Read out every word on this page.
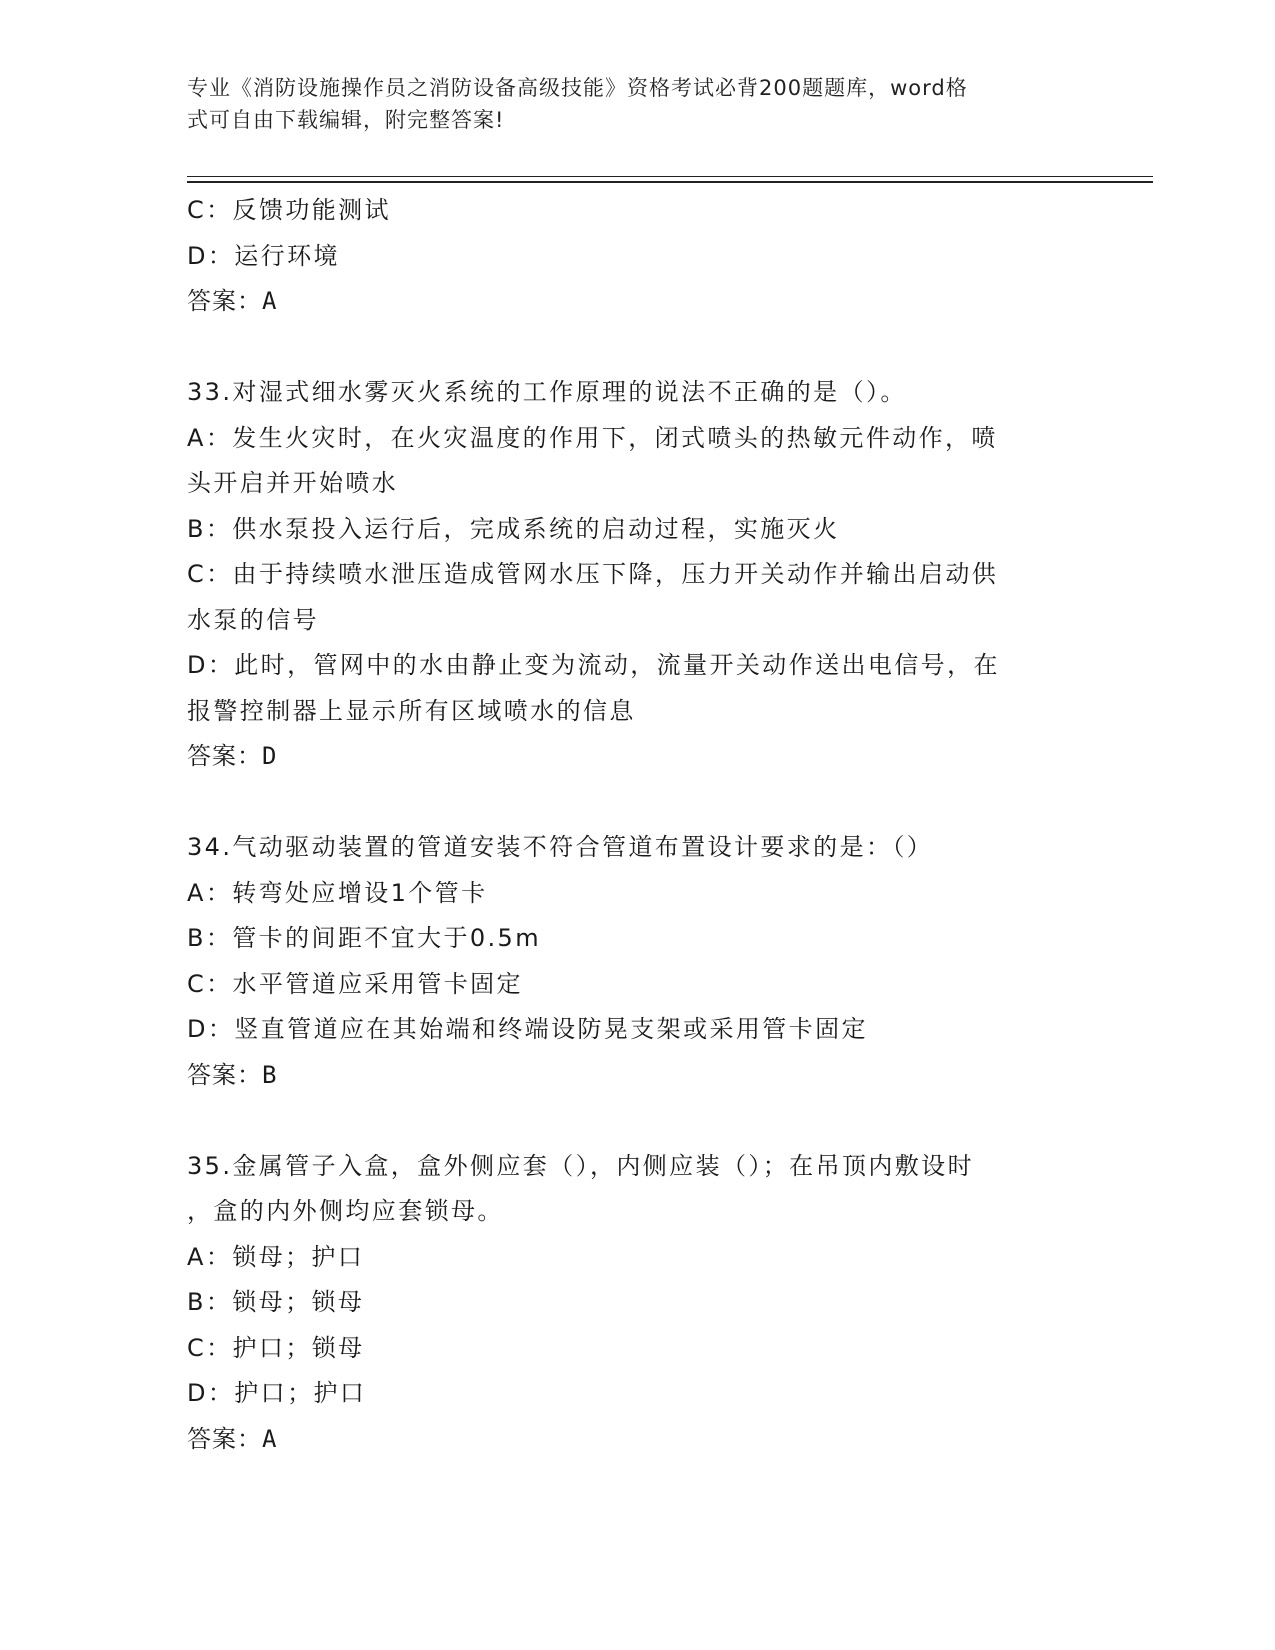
专业《消防设施操作员之消防设备高级技能》资格考试必背200题题库，word格
式可自由下载编辑，附完整答案!
C：反馈功能测试
D：运行环境
答案：A
33.对湿式细水雾灭火系统的工作原理的说法不正确的是（）。
A：发生火灾时，在火灾温度的作用下，闭式喷头的热敏元件动作，喷
头开启并开始喷水
B：供水泵投入运行后，完成系统的启动过程，实施灭火
C：由于持续喷水泄压造成管网水压下降，压力开关动作并输出启动供
水泵的信号
D：此时，管网中的水由静止变为流动，流量开关动作送出电信号，在
报警控制器上显示所有区域喷水的信息
答案：D
34.气动驱动装置的管道安装不符合管道布置设计要求的是：（）
A：转弯处应增设1个管卡
B：管卡的间距不宜大于0.5m
C：水平管道应采用管卡固定
D：竖直管道应在其始端和终端设防晃支架或采用管卡固定
答案：B
35.金属管子入盒，盒外侧应套（），内侧应装（）；在吊顶内敷设时
，盒的内外侧均应套锁母。
A：锁母；护口
B：锁母；锁母
C：护口；锁母
D：护口；护口
答案：A
